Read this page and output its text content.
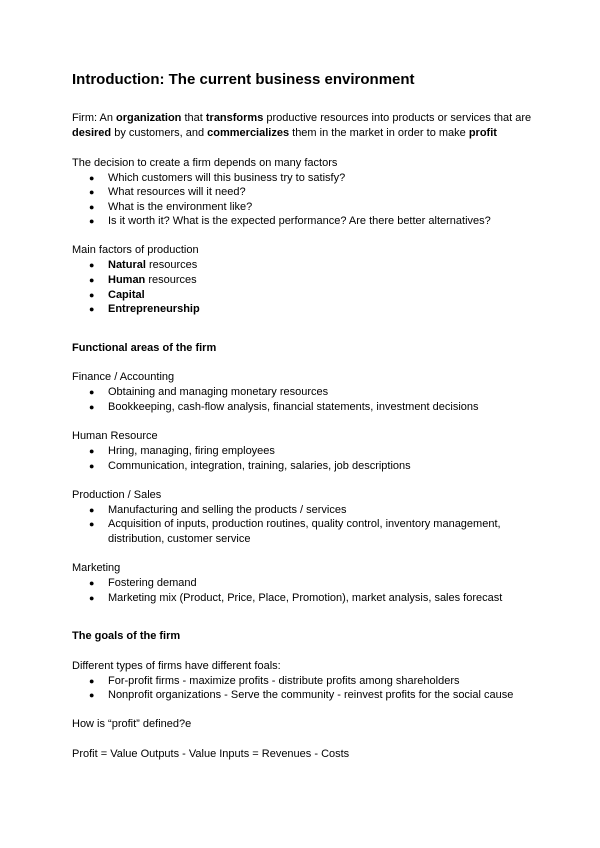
Introduction: The current business environment

Firm: An organization that transforms productive resources into products or services that are desired by customers, and commercializes them in the market in order to make profit

The decision to create a firm depends on many factors

● Which customers will this business try to satisfy?
● What resources will it need?
● What is the environment like?
● Is it worth it? What is the expected performance? Are there better alternatives?

Main factors of production

● Natural resources
● Human resources
● Capital
● Entrepreneurship
Functional areas of the firm

Finance / Accounting

● Obtaining and managing monetary resources
● Bookkeeping, cash-flow analysis, financial statements, investment decisions

Human Resource

● Hring, managing, firing employees
● Communication, integration, training, salaries, job descriptions

Production / Sales

● Manufacturing and selling the products / services
● Acquisition of inputs, production routines, quality control, inventory management, distribution, customer service

Marketing

● Fostering demand
● Marketing mix (Product, Price, Place, Promotion), market analysis, sales forecast
The goals of the firm

Different types of firms have different foals:

● For-profit firms - maximize profits - distribute profits among shareholders
● Nonprofit organizations - Serve the community - reinvest profits for the social cause

How is “profit” defined?e

Profit = Value Outputs - Value Inputs = Revenues - Costs
